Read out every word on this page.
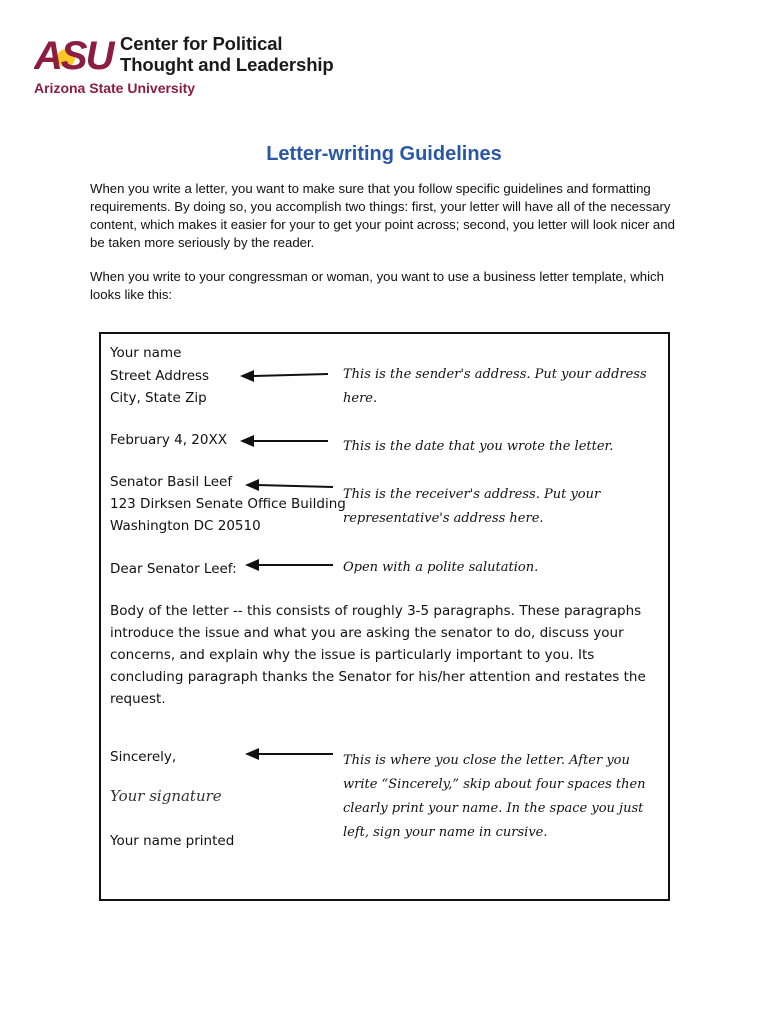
ASU Center for Political
Thought and Leadership
Arizona State University
Letter-writing Guidelines
When you write a letter, you want to make sure that you follow specific guidelines and formatting requirements. By doing so, you accomplish two things: first, your letter will have all of the necessary content, which makes it easier for your to get your point across; second, you letter will look nicer and be taken more seriously by the reader.
When you write to your congressman or woman, you want to use a business letter template, which looks like this:
Your name
Street Address
City, State Zip
February 4, 20XX
Senator Basil Leef
123 Dirksen Senate Office Building
Washington DC 20510
Dear Senator Leef:
Body of the letter -- this consists of roughly 3-5 paragraphs. These paragraphs introduce the issue and what you are asking the senator to do, discuss your concerns, and explain why the issue is particularly important to you. Its concluding paragraph thanks the Senator for his/her attention and restates the request.
Sincerely,
Your signature
Your name printed
This is the sender's address. Put your address
here.
This is the date that you wrote the letter.
This is the receiver's address. Put your
representative's address here.
Open with a polite salutation.
This is where you close the letter. After you
write “Sincerely,” skip about four spaces then
clearly print your name. In the space you just
left, sign your name in cursive.
